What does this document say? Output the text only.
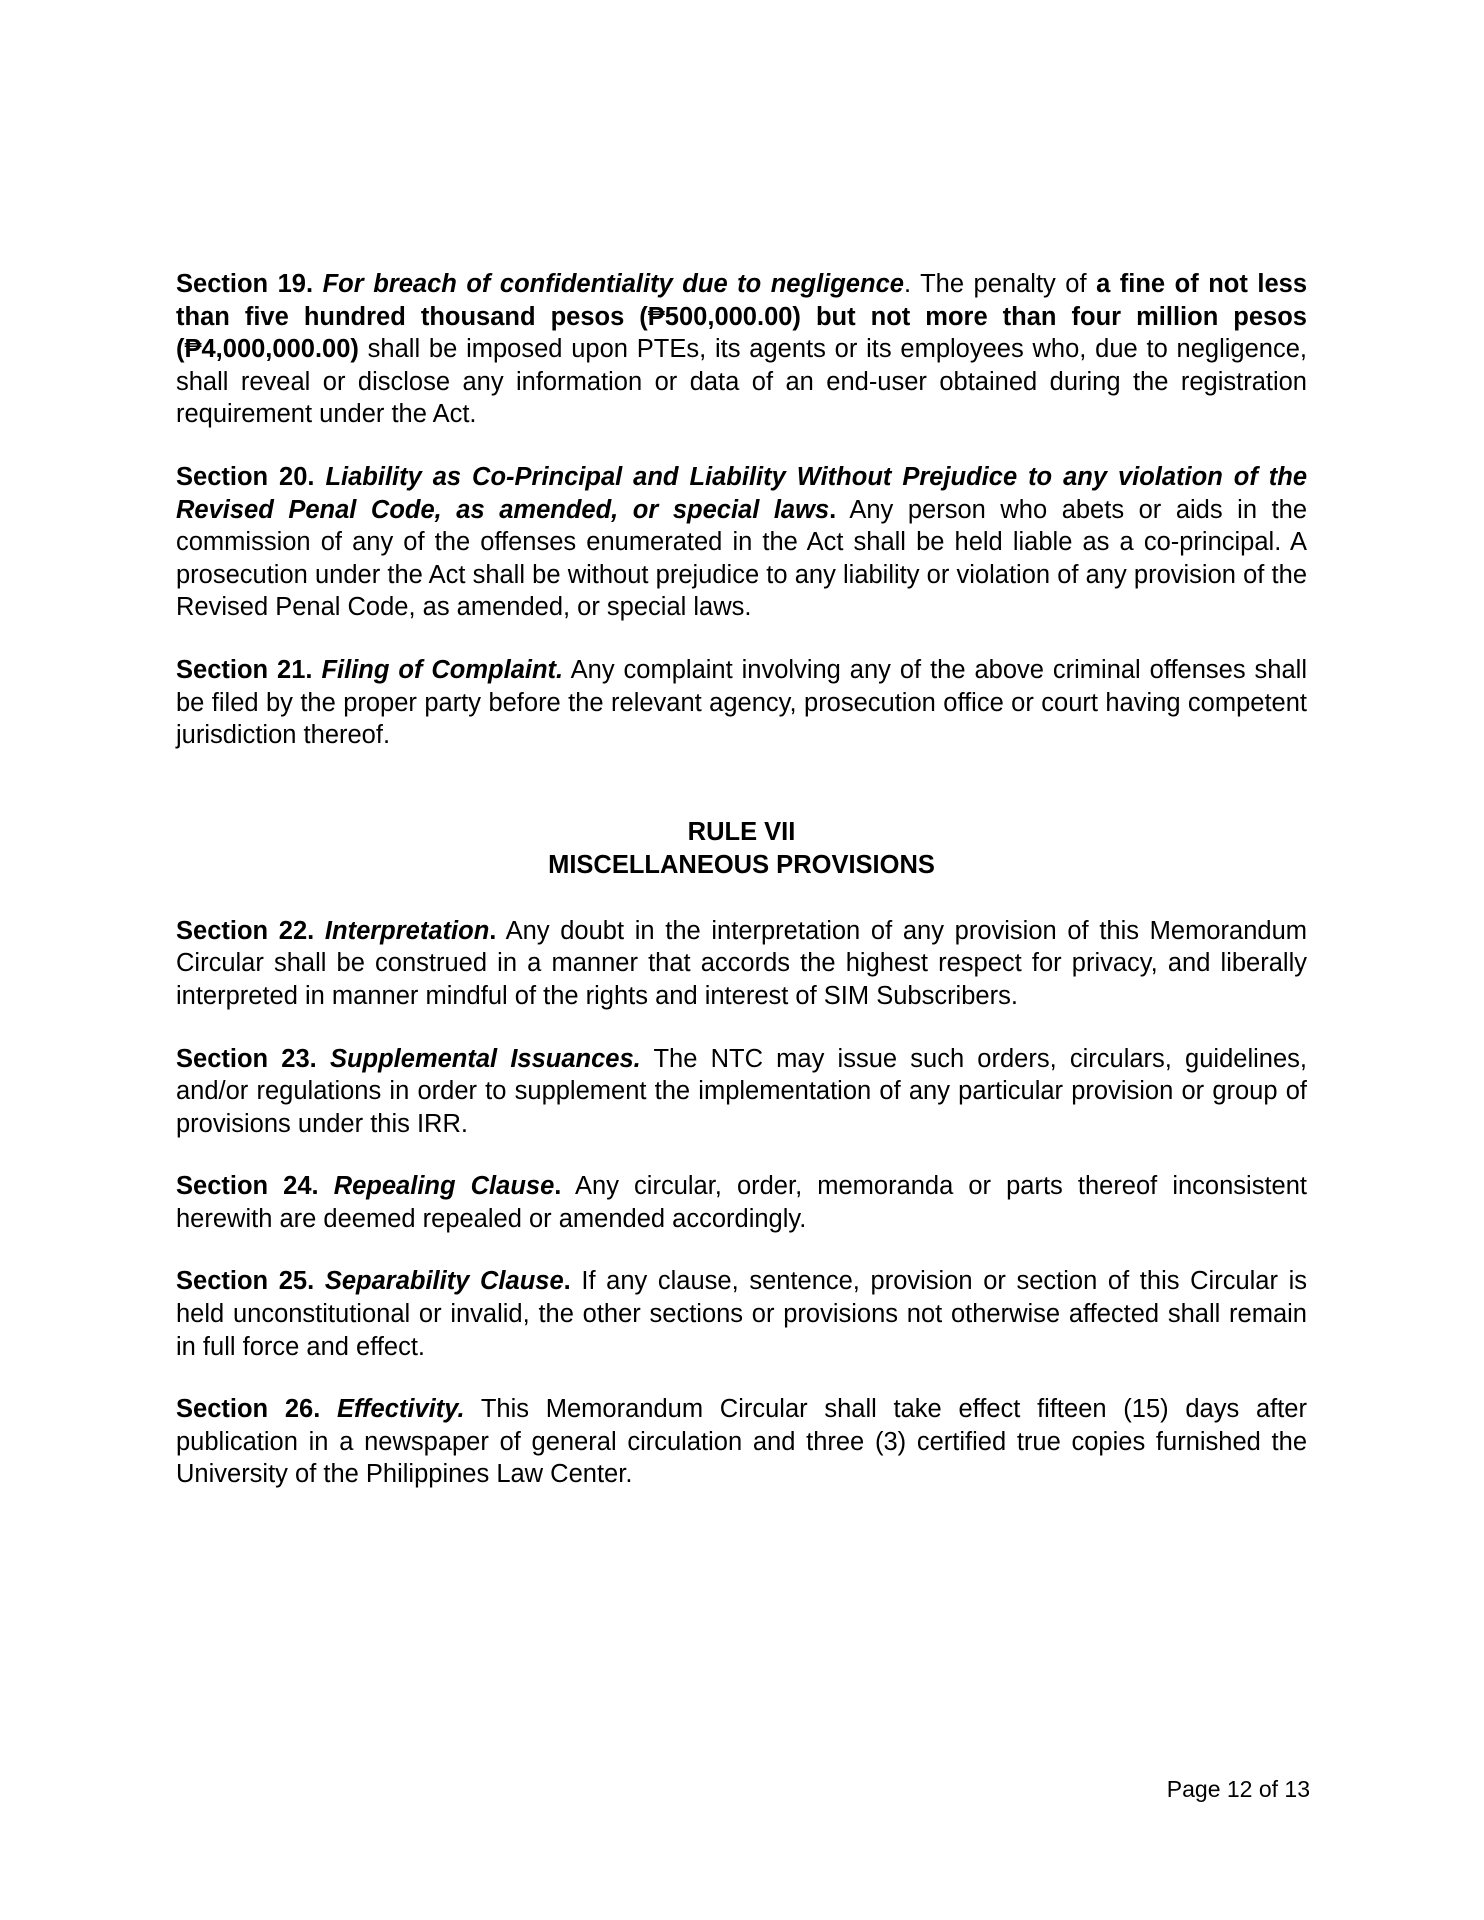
Section 19. For breach of confidentiality due to negligence. The penalty of a fine of not less than five hundred thousand pesos (₱500,000.00) but not more than four million pesos (₱4,000,000.00) shall be imposed upon PTEs, its agents or its employees who, due to negligence, shall reveal or disclose any information or data of an end-user obtained during the registration requirement under the Act.

Section 20. Liability as Co-Principal and Liability Without Prejudice to any violation of the Revised Penal Code, as amended, or special laws. Any person who abets or aids in the commission of any of the offenses enumerated in the Act shall be held liable as a co-principal. A prosecution under the Act shall be without prejudice to any liability or violation of any provision of the Revised Penal Code, as amended, or special laws.

Section 21. Filing of Complaint. Any complaint involving any of the above criminal offenses shall be filed by the proper party before the relevant agency, prosecution office or court having competent jurisdiction thereof.

RULE VII
MISCELLANEOUS PROVISIONS

Section 22. Interpretation. Any doubt in the interpretation of any provision of this Memorandum Circular shall be construed in a manner that accords the highest respect for privacy, and liberally interpreted in manner mindful of the rights and interest of SIM Subscribers.

Section 23. Supplemental Issuances. The NTC may issue such orders, circulars, guidelines, and/or regulations in order to supplement the implementation of any particular provision or group of provisions under this IRR.

Section 24. Repealing Clause. Any circular, order, memoranda or parts thereof inconsistent herewith are deemed repealed or amended accordingly.

Section 25. Separability Clause. If any clause, sentence, provision or section of this Circular is held unconstitutional or invalid, the other sections or provisions not otherwise affected shall remain in full force and effect.

Section 26. Effectivity. This Memorandum Circular shall take effect fifteen (15) days after publication in a newspaper of general circulation and three (3) certified true copies furnished the University of the Philippines Law Center.

Page 12 of 13
